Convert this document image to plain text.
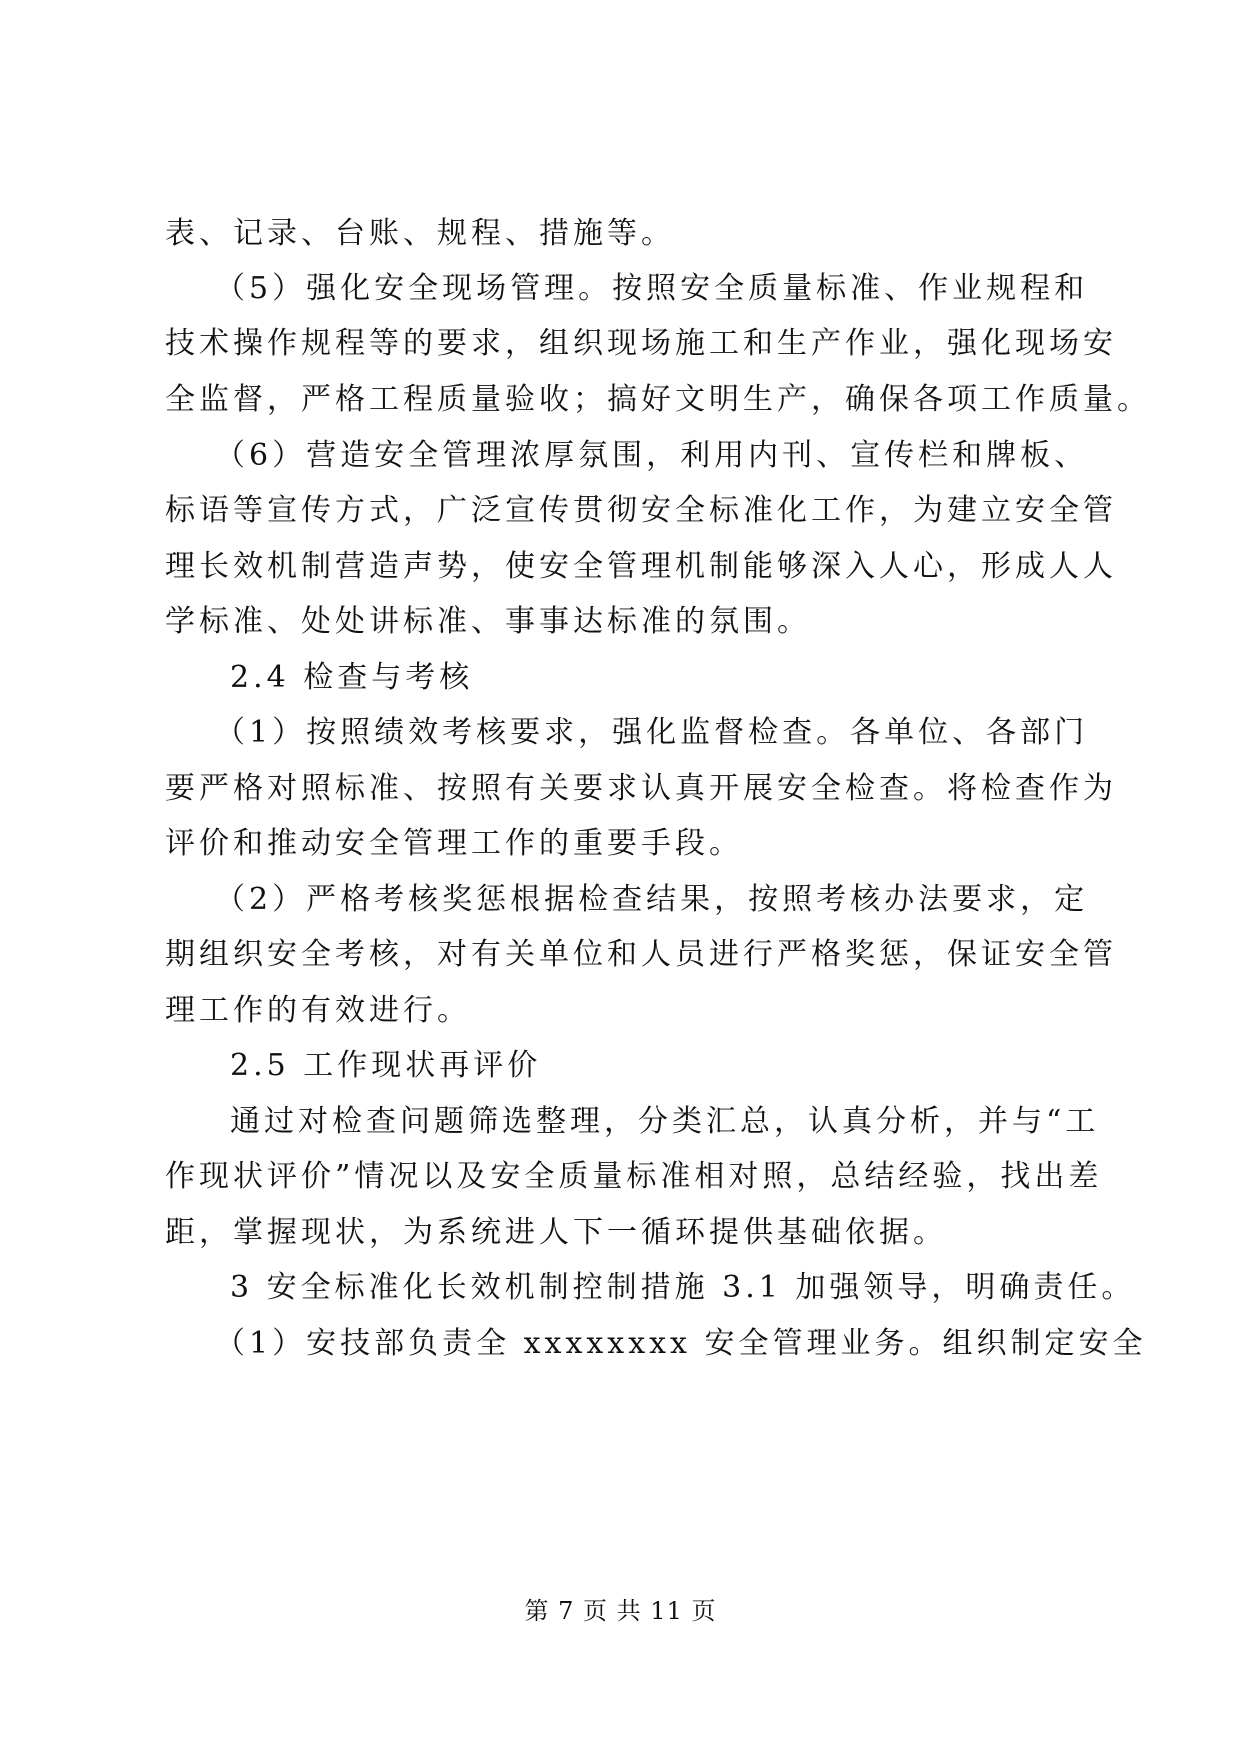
表、记录、台账、规程、措施等。
（5）强化安全现场管理。按照安全质量标准、作业规程和
技术操作规程等的要求，组织现场施工和生产作业，强化现场安
全监督，严格工程质量验收；搞好文明生产，确保各项工作质量。
（6）营造安全管理浓厚氛围，利用内刊、宣传栏和牌板、
标语等宣传方式，广泛宣传贯彻安全标准化工作，为建立安全管
理长效机制营造声势，使安全管理机制能够深入人心，形成人人
学标准、处处讲标准、事事达标准的氛围。
2.4 检查与考核
（1）按照绩效考核要求，强化监督检查。各单位、各部门
要严格对照标准、按照有关要求认真开展安全检查。将检查作为
评价和推动安全管理工作的重要手段。
（2）严格考核奖惩根据检查结果，按照考核办法要求，定
期组织安全考核，对有关单位和人员进行严格奖惩，保证安全管
理工作的有效进行。
2.5 工作现状再评价
通过对检查问题筛选整理，分类汇总，认真分析，并与“工
作现状评价”情况以及安全质量标准相对照，总结经验，找出差
距，掌握现状，为系统进人下一循环提供基础依据。
3 安全标准化长效机制控制措施 3.1 加强领导，明确责任。
（1）安技部负责全 xxxxxxxx 安全管理业务。组织制定安全
第 7 页 共 11 页
